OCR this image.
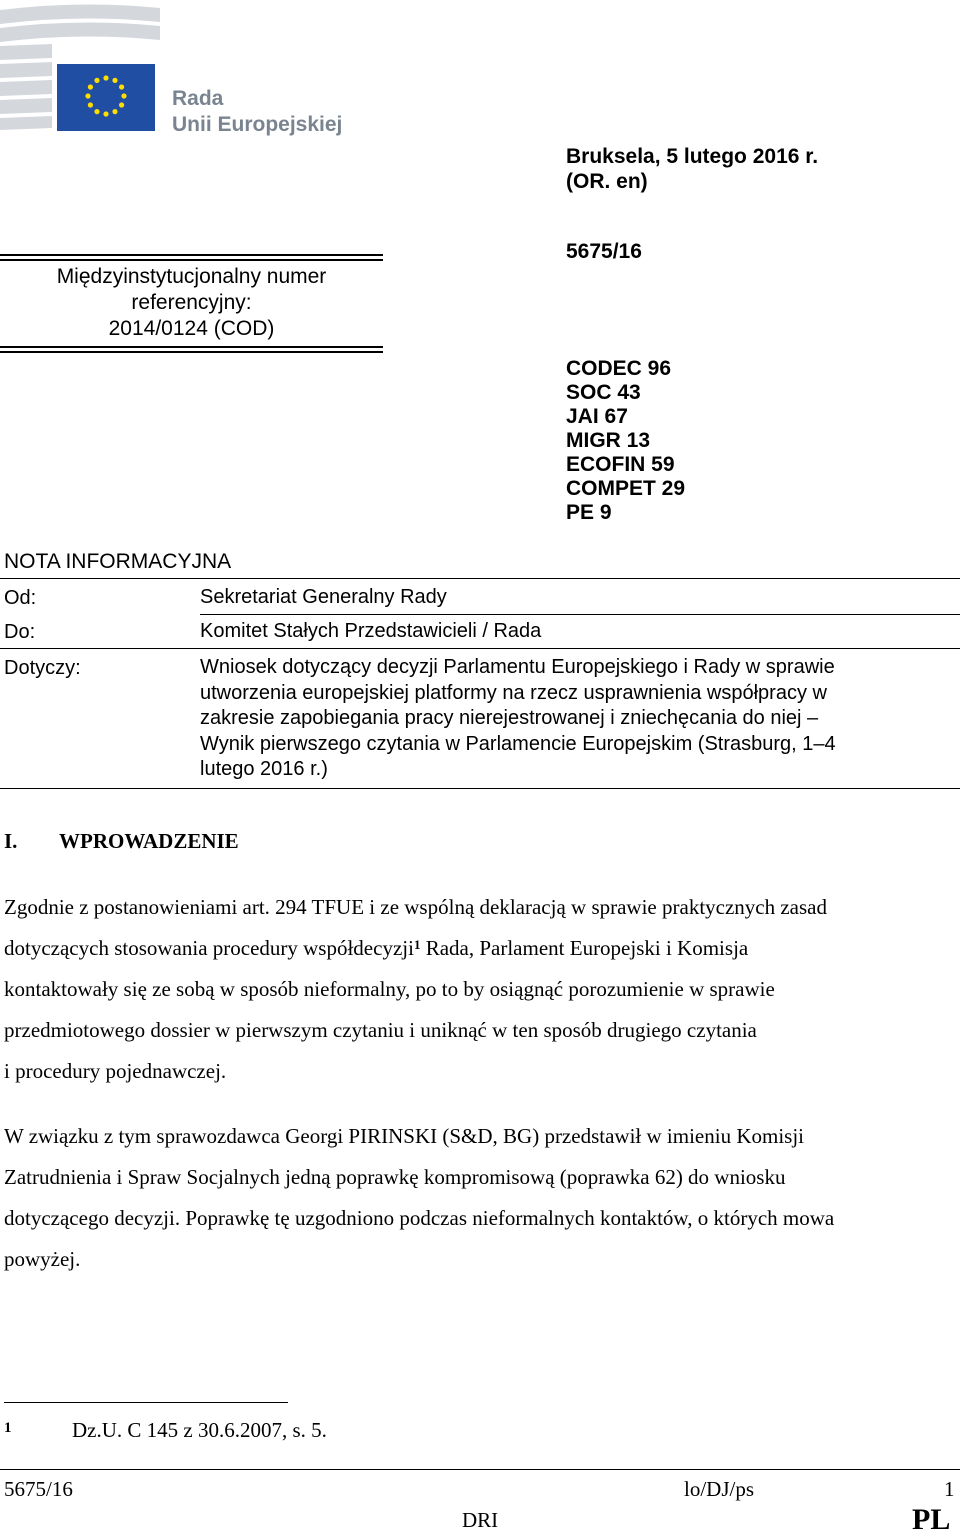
Rada
Unii Europejskiej
Bruksela, 5 lutego 2016 r.
(OR. en)
5675/16
CODEC 96
SOC 43
JAI 67
MIGR 13
ECOFIN 59
COMPET 29
PE 9
Międzyinstytucjonalny numer
referencyjny:
2014/0124 (COD)
NOTA INFORMACYJNA
Od:	Sekretariat Generalny Rady
Do:	Komitet Stałych Przedstawicieli / Rada
Dotyczy:	Wniosek dotyczący decyzji Parlamentu Europejskiego i Rady w sprawie
utworzenia europejskiej platformy na rzecz usprawnienia współpracy w
zakresie zapobiegania pracy nierejestrowanej i zniechęcania do niej –
Wynik pierwszego czytania w Parlamencie Europejskim (Strasburg, 1–4
lutego 2016 r.)
I. WPROWADZENIE
Zgodnie z postanowieniami art. 294 TFUE i ze wspólną deklaracją w sprawie praktycznych zasad
dotyczących stosowania procedury współdecyzji$^1$ Rada, Parlament Europejski i Komisja
kontaktowały się ze sobą w sposób nieformalny, po to by osiągnąć porozumienie w sprawie
przedmiotowego dossier w pierwszym czytaniu i uniknąć w ten sposób drugiego czytania
i procedury pojednawczej.
W związku z tym sprawozdawca Georgi PIRINSKI (S&D, BG) przedstawił w imieniu Komisji
Zatrudnienia i Spraw Socjalnych jedną poprawkę kompromisową (poprawka 62) do wniosku
dotyczącego decyzji. Poprawkę tę uzgodniono podczas nieformalnych kontaktów, o których mowa
powyżej.
1	Dz.U. C 145 z 30.6.2007, s. 5.
5675/16	lo/DJ/ps	1
DRI	PL
